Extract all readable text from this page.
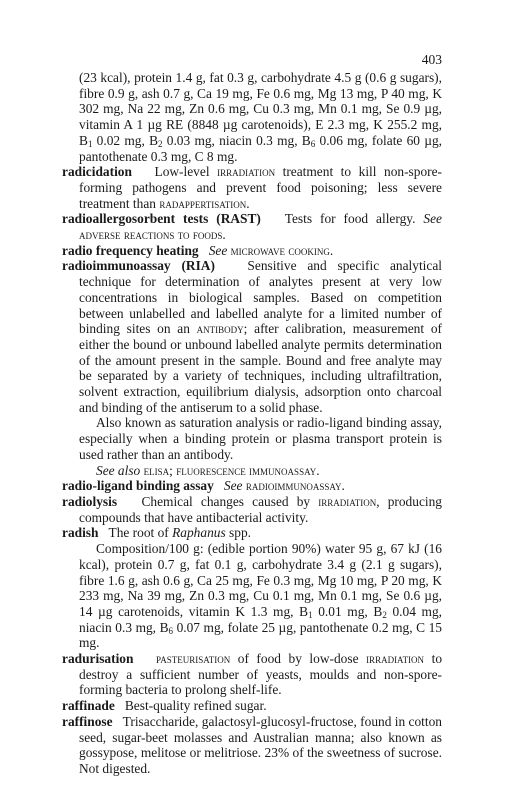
403

(23 kcal), protein 1.4 g, fat 0.3 g, carbohydrate 4.5 g (0.6 g sugars), fibre 0.9 g, ash 0.7 g, Ca 19 mg, Fe 0.6 mg, Mg 13 mg, P 40 mg, K 302 mg, Na 22 mg, Zn 0.6 mg, Cu 0.3 mg, Mn 0.1 mg, Se 0.9 µg, vitamin A 1 µg RE (8848 µg carotenoids), E 2.3 mg, K 255.2 mg, $B_1$ 0.02 mg, $B_2$ 0.03 mg, niacin 0.3 mg, $B_6$ 0.06 mg, folate 60 µg, pantothenate 0.3 mg, C 8 mg.

radicidation Low-level irradiation treatment to kill non-spore-forming pathogens and prevent food poisoning; less severe treatment than radappertisation.

radioallergosorbent tests (RAST) Tests for food allergy. See adverse reactions to foods.

radio frequency heating See microwave cooking.

radioimmunoassay (RIA) Sensitive and specific analytical technique for determination of analytes present at very low concentrations in biological samples. Based on competition between unlabelled and labelled analyte for a limited number of binding sites on an antibody; after calibration, measurement of either the bound or unbound labelled analyte permits determination of the amount present in the sample. Bound and free analyte may be separated by a variety of techniques, including ultrafiltration, solvent extraction, equilibrium dialysis, adsorption onto charcoal and binding of the antiserum to a solid phase.

Also known as saturation analysis or radio-ligand binding assay, especially when a binding protein or plasma transport protein is used rather than an antibody.

See also elisa; fluorescence immunoassay.

radio-ligand binding assay See radioimmunoassay.

radiolysis Chemical changes caused by irradiation, producing compounds that have antibacterial activity.

radish The root of Raphanus spp.

Composition/100 g: (edible portion 90%) water 95 g, 67 kJ (16 kcal), protein 0.7 g, fat 0.1 g, carbohydrate 3.4 g (2.1 g sugars), fibre 1.6 g, ash 0.6 g, Ca 25 mg, Fe 0.3 mg, Mg 10 mg, P 20 mg, K 233 mg, Na 39 mg, Zn 0.3 mg, Cu 0.1 mg, Mn 0.1 mg, Se 0.6 µg, 14 µg carotenoids, vitamin K 1.3 mg, $B_1$ 0.01 mg, $B_2$ 0.04 mg, niacin 0.3 mg, $B_6$ 0.07 mg, folate 25 µg, pantothenate 0.2 mg, C 15 mg.

radurisation pasteurisation of food by low-dose irradiation to destroy a sufficient number of yeasts, moulds and non-spore-forming bacteria to prolong shelf-life.

raffinade Best-quality refined sugar.

raffinose Trisaccharide, galactosyl-glucosyl-fructose, found in cotton seed, sugar-beet molasses and Australian manna; also known as gossypose, melitose or melitriose. 23% of the sweetness of sucrose. Not digested.
